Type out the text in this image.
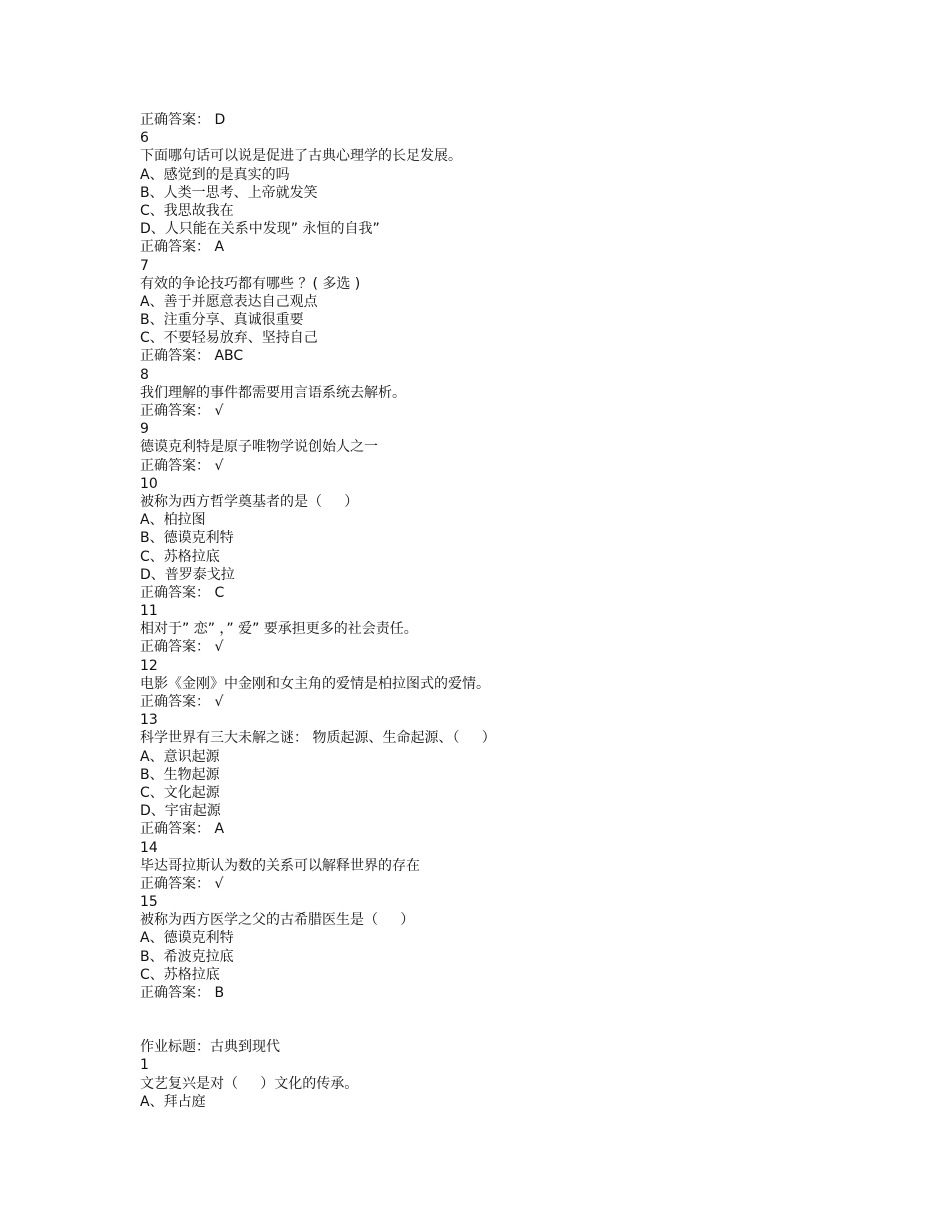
正确答案： D
6
下面哪句话可以说是促进了古典心理学的长足发展。
A、感觉到的是真实的吗
B、人类一思考、上帝就发笑
C、我思故我在
D、人只能在关系中发现” 永恒的自我”
正确答案： A
7
有效的争论技巧都有哪些 ？( 多选 )
A、善于并愿意表达自己观点
B、注重分享、真诚很重要
C、不要轻易放弃、坚持自己
正确答案： ABC
8
我们理解的事件都需要用言语系统去解析。
正确答案： √
9
德谟克利特是原子唯物学说创始人之一
正确答案： √
10
被称为西方哲学奠基者的是（     ）
A、柏拉图
B、德谟克利特
C、苏格拉底
D、普罗泰戈拉
正确答案： C
11
相对于” 恋” ，” 爱” 要承担更多的社会责任。
正确答案： √
12
电影《金刚》中金刚和女主角的爱情是柏拉图式的爱情。
正确答案： √
13
科学世界有三大未解之谜： 物质起源、生命起源、（     ）
A、意识起源
B、生物起源
C、文化起源
D、宇宙起源
正确答案： A
14
毕达哥拉斯认为数的关系可以解释世界的存在
正确答案： √
15
被称为西方医学之父的古希腊医生是（     ）
A、德谟克利特
B、希波克拉底
C、苏格拉底
正确答案： B
作业标题：古典到现代
1
文艺复兴是对（     ）文化的传承。
A、拜占庭
